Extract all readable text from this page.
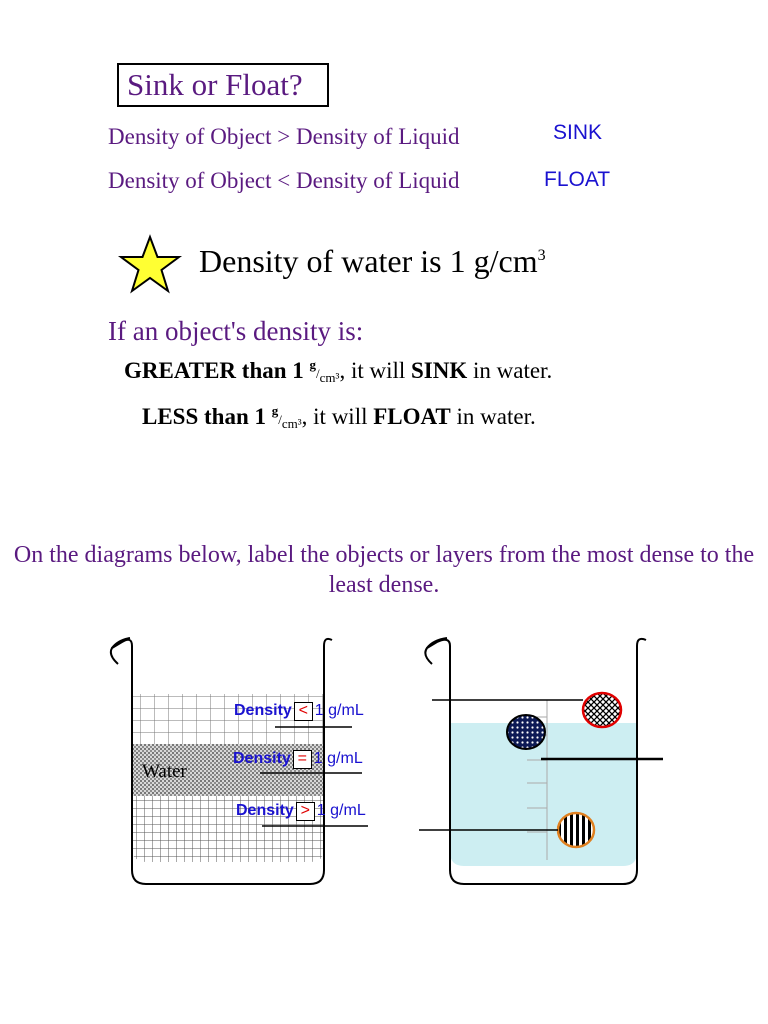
Sink or Float?
Density of Object > Density of Liquid	SINK
Density of Object < Density of Liquid	FLOAT
Density of water is 1 $g/cm^3$
If an object's density is:
GREATER than 1 g/cm³, it will SINK in water.
LESS than 1 g/cm³, it will FLOAT in water.
On the diagrams below, label the objects or layers from the most dense to the least dense.
Water
Density < 1 g/mL
Density = 1 g/mL
Density > 1 g/mL
